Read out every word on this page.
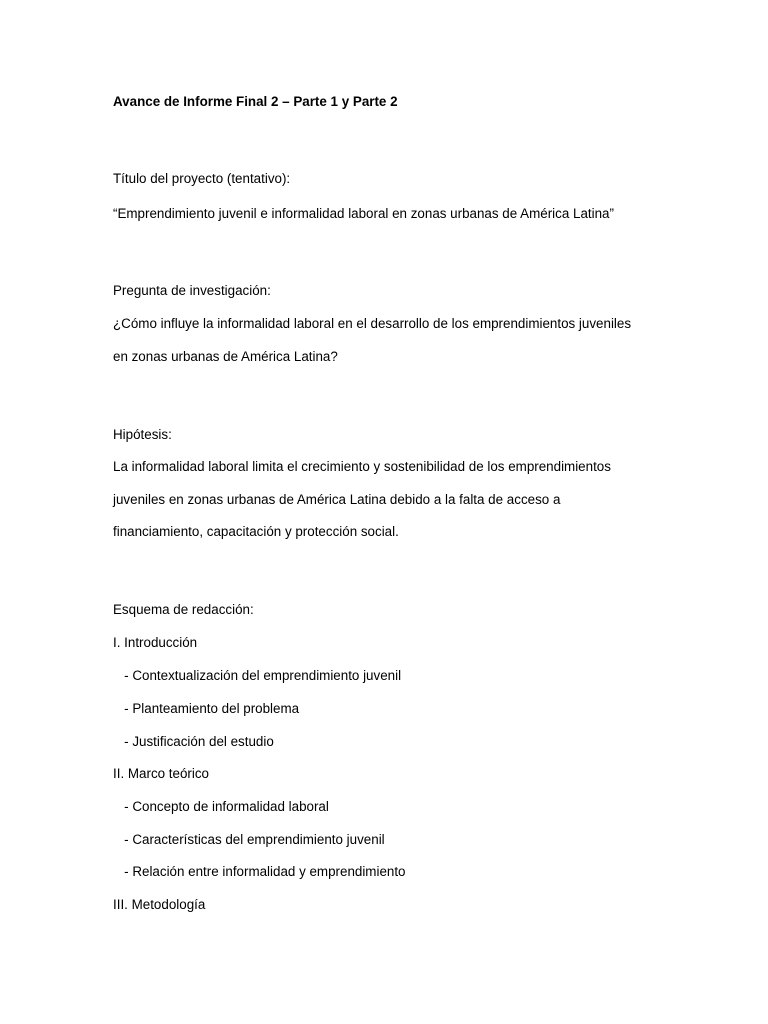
Avance de Informe Final 2 – Parte 1 y Parte 2
Título del proyecto (tentativo):
“Emprendimiento juvenil e informalidad laboral en zonas urbanas de América Latina”
Pregunta de investigación:
¿Cómo influye la informalidad laboral en el desarrollo de los emprendimientos juveniles
en zonas urbanas de América Latina?
Hipótesis:
La informalidad laboral limita el crecimiento y sostenibilidad de los emprendimientos
juveniles en zonas urbanas de América Latina debido a la falta de acceso a
financiamiento, capacitación y protección social.
Esquema de redacción:
I. Introducción
- Contextualización del emprendimiento juvenil
- Planteamiento del problema
- Justificación del estudio
II. Marco teórico
- Concepto de informalidad laboral
- Características del emprendimiento juvenil
- Relación entre informalidad y emprendimiento
III. Metodología
